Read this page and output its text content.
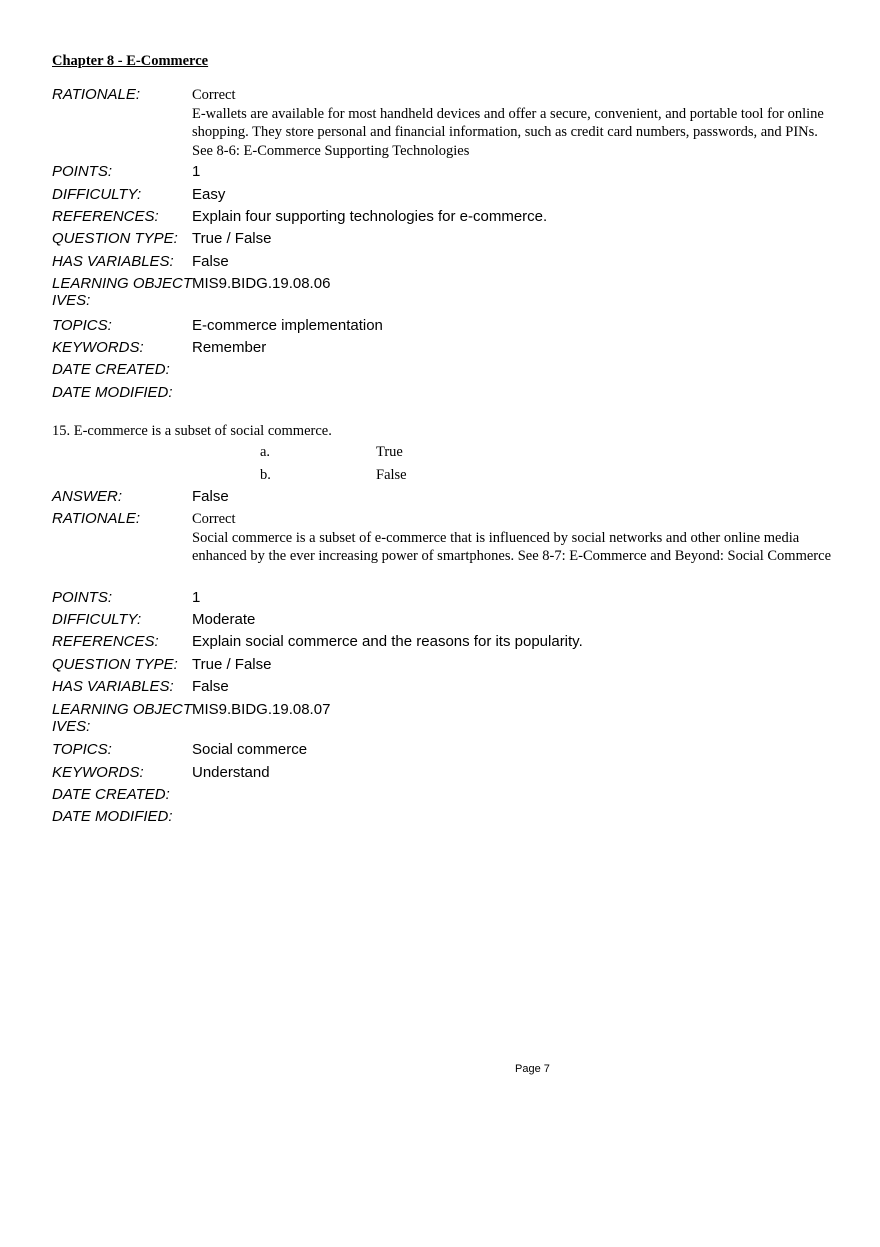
Chapter 8 - E-Commerce
RATIONALE:	Correct
E-wallets are available for most handheld devices and offer a secure, convenient, and portable tool for online shopping. They store personal and financial information, such as credit card numbers, passwords, and PINs. See 8-6: E-Commerce Supporting Technologies
POINTS:	1
DIFFICULTY:	Easy
REFERENCES:	Explain four supporting technologies for e-commerce.
QUESTION TYPE: True / False
HAS VARIABLES:	False
LEARNING OBJECTIVES:
MIS9.BIDG.19.08.06
TOPICS:	E-commerce implementation
KEYWORDS:	Remember
DATE CREATED:
DATE MODIFIED:
15. E-commerce is a subset of social commerce.
a.	True
b.	False
ANSWER:	False
RATIONALE:	Correct
Social commerce is a subset of e-commerce that is influenced by social networks and other online media enhanced by the ever increasing power of smartphones. See 8-7: E-Commerce and Beyond: Social Commerce
POINTS:	1
DIFFICULTY:	Moderate
REFERENCES:	Explain social commerce and the reasons for its popularity.
QUESTION TYPE: True / False
HAS VARIABLES:	False
LEARNING OBJECTIVES:
MIS9.BIDG.19.08.07
TOPICS:	Social commerce
KEYWORDS:	Understand
DATE CREATED:
DATE MODIFIED:
Page 7
